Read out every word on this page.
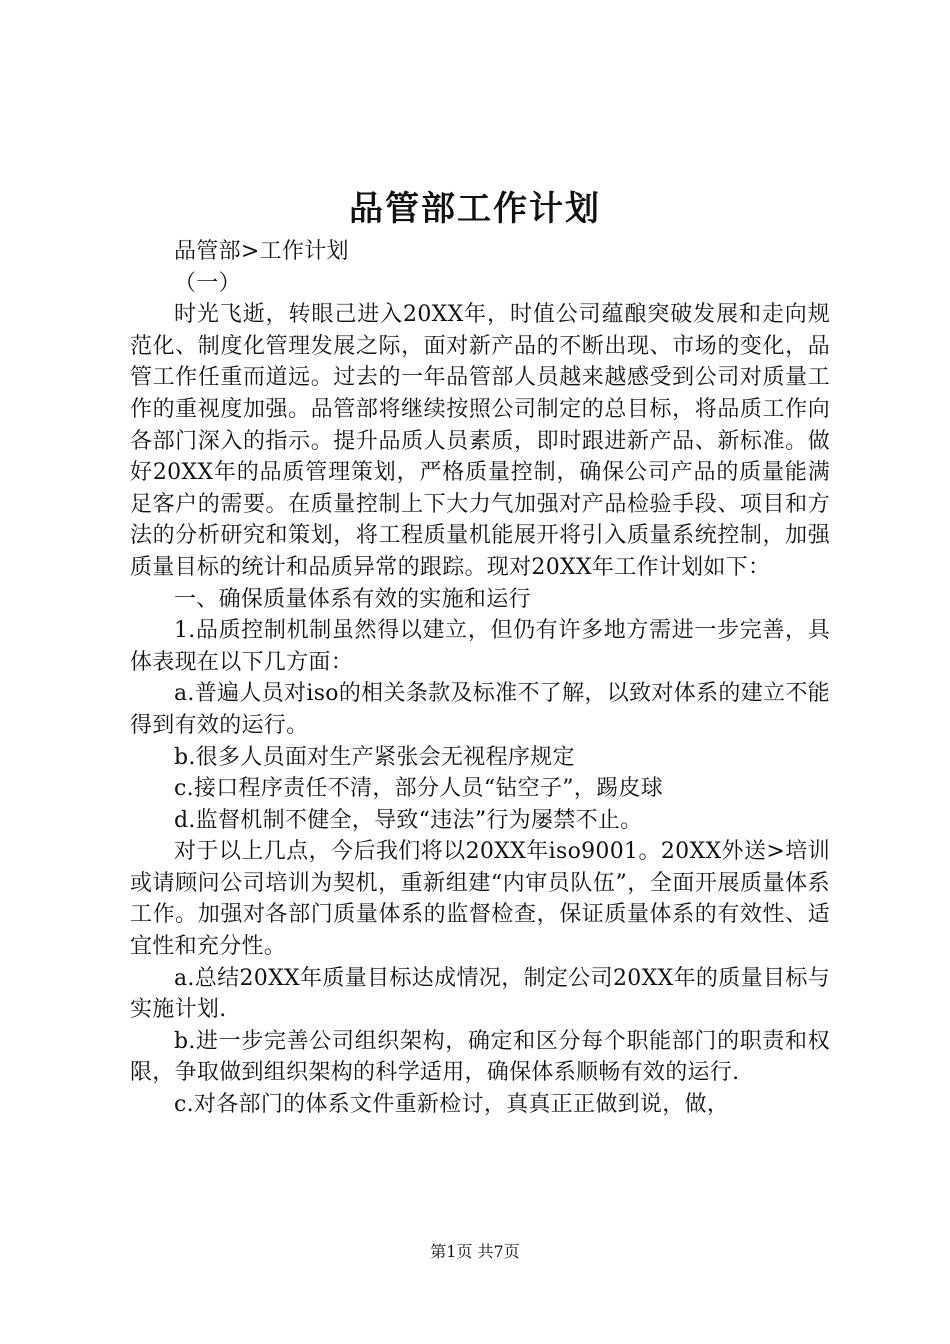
品管部工作计划

品管部>工作计划

（一）

时光飞逝，转眼己进入20XX年，时值公司蕴酿突破发展和走向规范化、制度化管理发展之际，面对新产品的不断出现、市场的变化，品管工作任重而道远。过去的一年品管部人员越来越感受到公司对质量工作的重视度加强。品管部将继续按照公司制定的总目标，将品质工作向各部门深入的指示。提升品质人员素质，即时跟进新产品、新标准。做好20XX年的品质管理策划，严格质量控制，确保公司产品的质量能满足客户的需要。在质量控制上下大力气加强对产品检验手段、项目和方法的分析研究和策划，将工程质量机能展开将引入质量系统控制，加强质量目标的统计和品质异常的跟踪。现对20XX年工作计划如下：

一、确保质量体系有效的实施和运行

1.品质控制机制虽然得以建立，但仍有许多地方需进一步完善，具体表现在以下几方面：

a.普遍人员对iso的相关条款及标准不了解，以致对体系的建立不能得到有效的运行。

b.很多人员面对生产紧张会无视程序规定

c.接口程序责任不清，部分人员“钻空子”，踢皮球

d.监督机制不健全，导致“违法”行为屡禁不止。

对于以上几点，今后我们将以20XX年iso9001。20XX外送>培训或请顾问公司培训为契机，重新组建“内审员队伍”，全面开展质量体系工作。加强对各部门质量体系的监督检查，保证质量体系的有效性、适宜性和充分性。

a.总结20XX年质量目标达成情况，制定公司20XX年的质量目标与实施计划.

b.进一步完善公司组织架构，确定和区分每个职能部门的职责和权限，争取做到组织架构的科学适用，确保体系顺畅有效的运行.

c.对各部门的体系文件重新检讨，真真正正做到说，做，

第1页 共7页
